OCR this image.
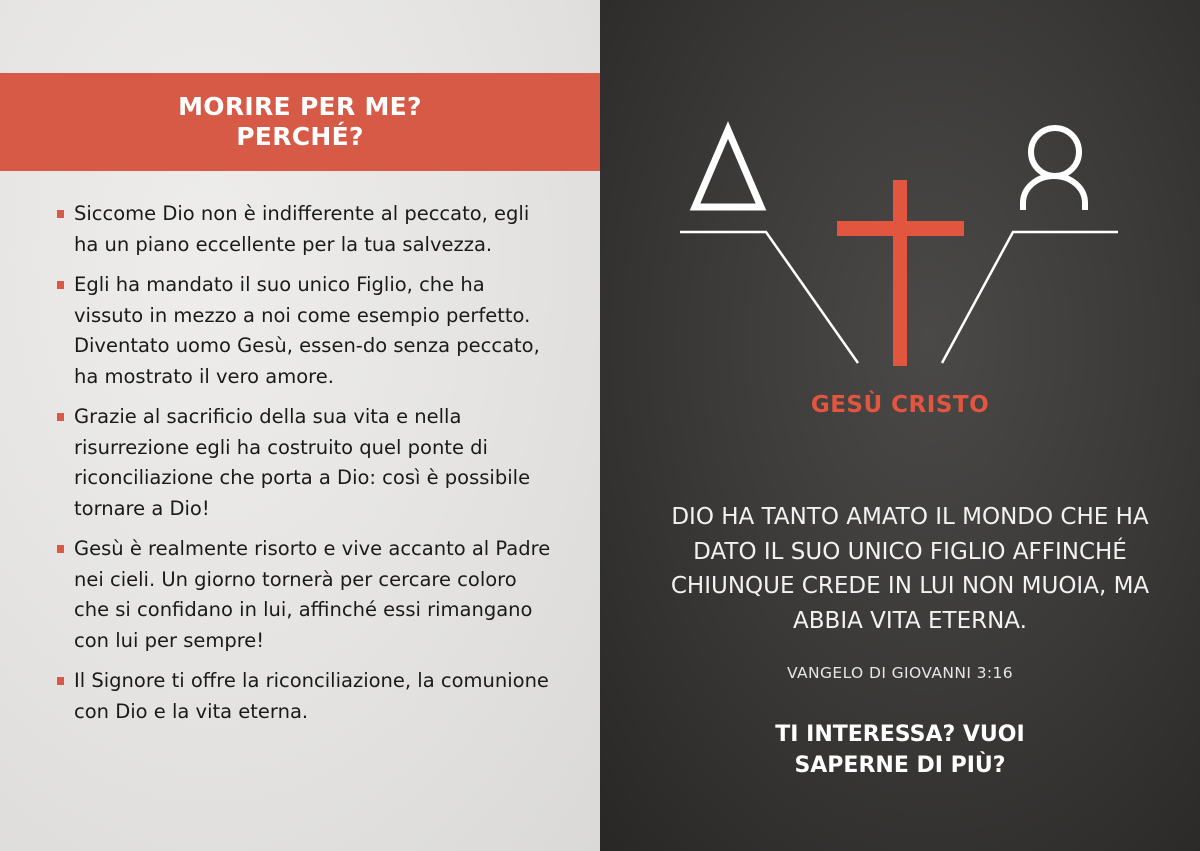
MORIRE PER ME?
PERCHÉ?
Siccome Dio non è indifferente al peccato, egli ha un piano eccellente per la tua salvezza.
Egli ha mandato il suo unico Figlio, che ha vissuto in mezzo a noi come esempio perfetto. Diventato uomo Gesù, essen-do senza peccato, ha mostrato il vero amore.
Grazie al sacrificio della sua vita e nella risurrezione egli ha costruito quel ponte di riconciliazione che porta a Dio: così è possibile tornare a Dio!
Gesù è realmente risorto e vive accanto al Padre nei cieli. Un giorno tornerà per cercare coloro che si confidano in lui, affinché essi rimangano con lui per sempre!
Il Signore ti offre la riconciliazione, la comunione con Dio e la vita eterna.
GESÙ CRISTO
DIO HA TANTO AMATO IL MONDO CHE HA DATO IL SUO UNICO FIGLIO AFFINCHÉ CHIUNQUE CREDE IN LUI NON MUOIA, MA ABBIA VITA ETERNA.
VANGELO DI GIOVANNI 3:16
TI INTERESSA? VUOI
SAPERNE DI PIÙ?
